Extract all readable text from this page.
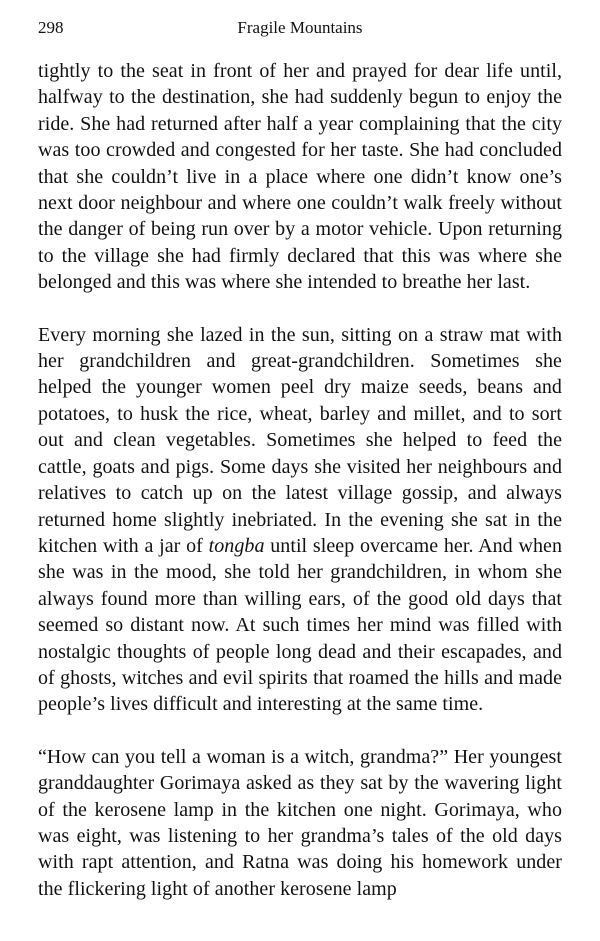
298	Fragile Mountains

tightly to the seat in front of her and prayed for dear life until, halfway to the destination, she had suddenly begun to enjoy the ride. She had returned after half a year complaining that the city was too crowded and congested for her taste. She had concluded that she couldn’t live in a place where one didn’t know one’s next door neighbour and where one couldn’t walk freely without the danger of being run over by a motor vehicle. Upon returning to the village she had firmly declared that this was where she belonged and this was where she intended to breathe her last.

Every morning she lazed in the sun, sitting on a straw mat with her grandchildren and great-grandchildren. Sometimes she helped the younger women peel dry maize seeds, beans and potatoes, to husk the rice, wheat, barley and millet, and to sort out and clean vegetables. Sometimes she helped to feed the cattle, goats and pigs. Some days she visited her neighbours and relatives to catch up on the latest village gossip, and always returned home slightly inebriated. In the evening she sat in the kitchen with a jar of tongba until sleep overcame her. And when she was in the mood, she told her grandchildren, in whom she always found more than willing ears, of the good old days that seemed so distant now. At such times her mind was filled with nostalgic thoughts of people long dead and their escapades, and of ghosts, witches and evil spirits that roamed the hills and made people’s lives difficult and interesting at the same time.

“How can you tell a woman is a witch, grandma?” Her youngest granddaughter Gorimaya asked as they sat by the wavering light of the kerosene lamp in the kitchen one night. Gorimaya, who was eight, was listening to her grandma’s tales of the old days with rapt attention, and Ratna was doing his homework under the flickering light of another kerosene lamp
